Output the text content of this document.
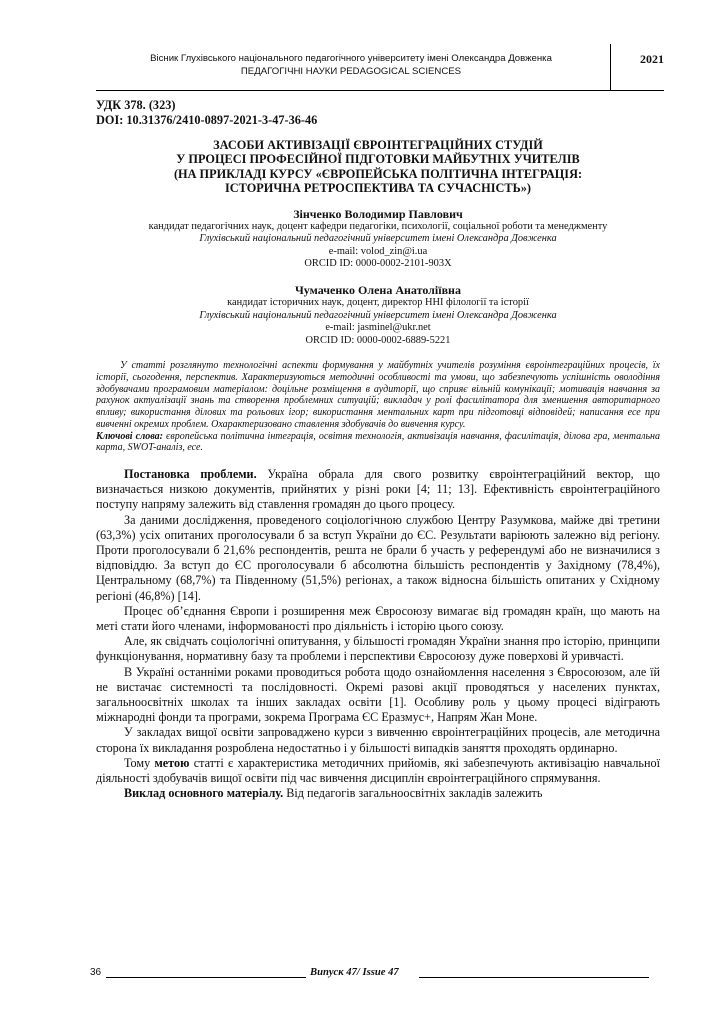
Вісник Глухівського національного педагогічного університету імені Олександра Довженка
ПЕДАГОГІЧНІ НАУКИ PEDAGOGICAL SCIENCES
2021
УДК 378. (323)
DOI: 10.31376/2410-0897-2021-3-47-36-46
ЗАСОБИ АКТИВІЗАЦІЇ ЄВРОІНТЕГРАЦІЙНИХ СТУДІЙ
У ПРОЦЕСІ ПРОФЕСІЙНОЇ ПІДГОТОВКИ МАЙБУТНІХ УЧИТЕЛІВ
(НА ПРИКЛАДІ КУРСУ «ЄВРОПЕЙСЬКА ПОЛІТИЧНА ІНТЕГРАЦІЯ:
ІСТОРИЧНА РЕТРОСПЕКТИВА ТА СУЧАСНІСТЬ»)
Зінченко Володимир Павлович
кандидат педагогічних наук, доцент кафедри педагогіки, психології, соціальної роботи та менеджменту
Глухівський національний педагогічний університет імені Олександра Довженка
e-mail: volod_zin@i.ua
ORCID ID: 0000-0002-2101-903X
Чумаченко Олена Анатоліївна
кандидат історичних наук, доцент, директор ННІ філології та історії
Глухівський національний педагогічний університет імені Олександра Довженка
e-mail: jasminel@ukr.net
ORCID ID: 0000-0002-6889-5221
У статті розглянуто технологічні аспекти формування у майбутніх учителів розуміння євроінтеграційних процесів, їх історії, сьогодення, перспектив. Характеризуються методичні особливості та умови, що забезпечують успішність оволодіння здобувачами програмовим матеріалом: доцільне розміщення в аудиторії, що сприяє вільній комунікації; мотивація навчання за рахунок актуалізації знань та створення проблемних ситуацій; викладач у ролі фасилітатора для зменшення авторитарного впливу; використання ділових та рольових ігор; використання ментальних карт при підготовці відповідей; написання есе при вивченні окремих проблем. Охарактеризовано ставлення здобувачів до вивчення курсу.
Ключові слова: європейська політична інтеграція, освітня технологія, активізація навчання, фасилітація, ділова гра, ментальна карта, SWOT-аналіз, есе.

Постановка проблеми. Україна обрала для свого розвитку євроінтеграційний вектор, що визначається низкою документів, прийнятих у різні роки [4; 11; 13]. Ефективність євроінтеграційного поступу напряму залежить від ставлення громадян до цього процесу.

За даними дослідження, проведеного соціологічною службою Центру Разумкова, майже дві третини (63,3%) усіх опитаних проголосували б за вступ України до ЄС. Результати варіюють залежно від регіону. Проти проголосували б 21,6% респондентів, решта не брали б участь у референдумі або не визначилися з відповіддю. За вступ до ЄС проголосували б абсолютна більшість респондентів у Західному (78,4%), Центральному (68,7%) та Південному (51,5%) регіонах, а також відносна більшість опитаних у Східному регіоні (46,8%) [14].

Процес об’єднання Європи і розширення меж Євросоюзу вимагає від громадян країн, що мають на меті стати його членами, інформованості про діяльність і історію цього союзу.

Але, як свідчать соціологічні опитування, у більшості громадян України знання про історію, принципи функціонування, нормативну базу та проблеми і перспективи Євросоюзу дуже поверхові й уривчасті.

В Україні останніми роками проводиться робота щодо ознайомлення населення з Євросоюзом, але їй не вистачає системності та послідовності. Окремі разові акції проводяться у населених пунктах, загальноосвітніх школах та інших закладах освіти [1]. Особливу роль у цьому процесі відіграють міжнародні фонди та програми, зокрема Програма ЄС Еразмус+, Напрям Жан Моне.

У закладах вищої освіти запроваджено курси з вивченню євроінтеграційних процесів, але методична сторона їх викладання розроблена недостатньо і у більшості випадків заняття проходять ординарно.

Тому метою статті є характеристика методичних прийомів, які забезпечують активізацію навчальної діяльності здобувачів вищої освіти під час вивчення дисциплін євроінтеграційного спрямування.

Виклад основного матеріалу. Від педагогів загальноосвітніх закладів залежить

36	Випуск 47/ Issue 47
